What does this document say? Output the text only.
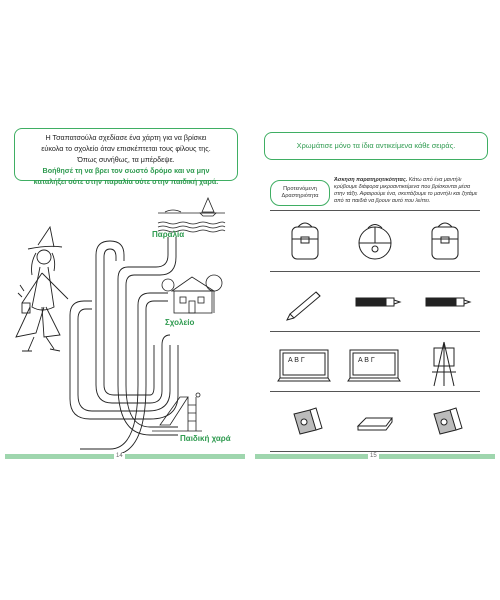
Η Τσαπατσούλα σχεδίασε ένα χάρτη για να βρίσκει
εύκολα το σχολείο όταν επισκέπτεται τους φίλους της.
Όπως συνήθως, τα μπέρδεψε.
Βοήθησέ τη να βρει τον σωστό δρόμο και να μην
καταλήξει ούτε στην παραλία ούτε στην παιδική χαρά.
Παραλία
Σχολείο
Παιδική χαρά
14
Χρωμάτισε μόνο τα ίδια αντικείμενα κάθε σειράς.
Προτεινόμενη
Δραστηριότητα
Άσκηση παρατηρητικότητας. Κάτω από ένα μαντήλι κρύβουμε διάφορα μικροαντικείμενα που βρίσκονται μέσα στην τάξη. Αφαιρούμε ένα, σκεπάζουμε το μαντήλι και ζητάμε από τα παιδιά να βρουν αυτό που λείπει.
Α Β Γ	Α Β Γ
15
